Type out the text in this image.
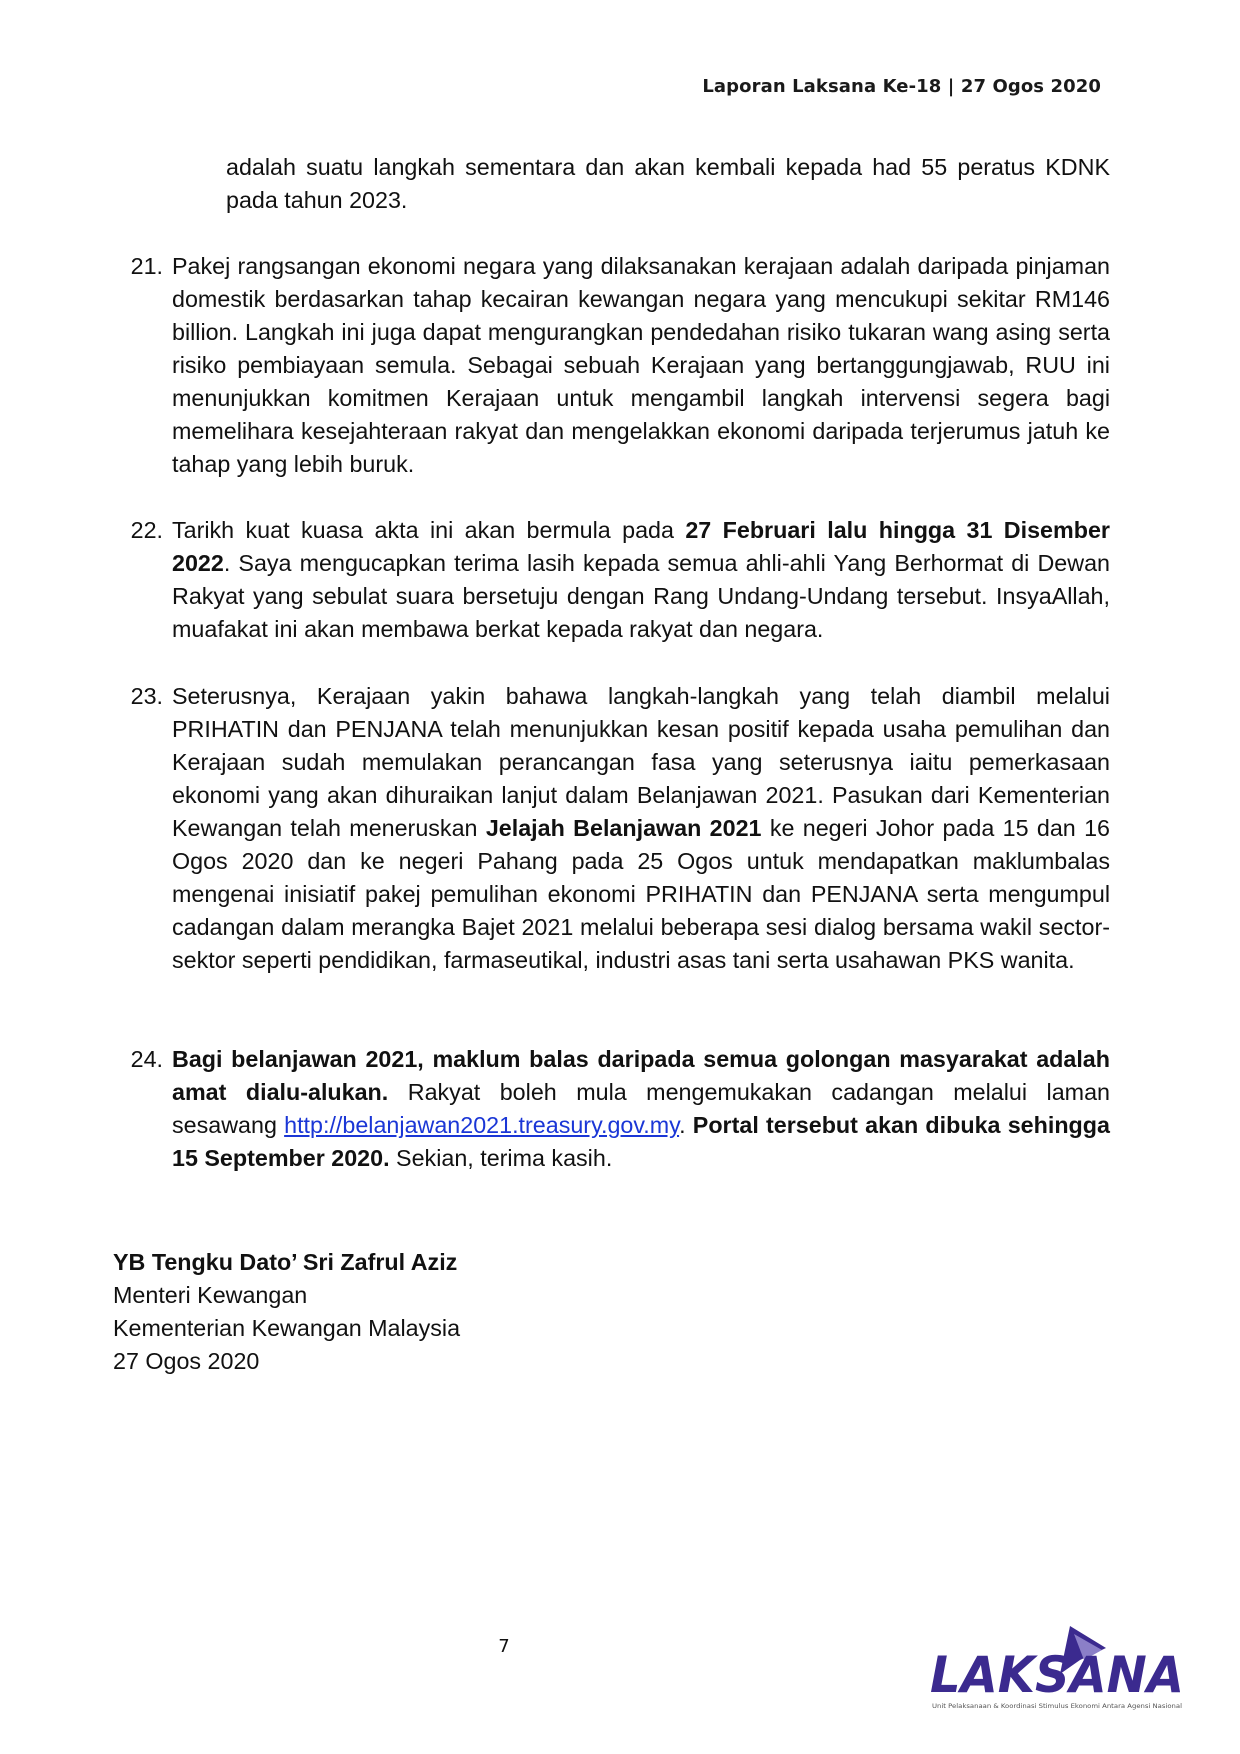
Laporan Laksana Ke-18 | 27 Ogos 2020

adalah suatu langkah sementara dan akan kembali kepada had 55 peratus KDNK pada tahun 2023.

21. Pakej rangsangan ekonomi negara yang dilaksanakan kerajaan adalah daripada pinjaman domestik berdasarkan tahap kecairan kewangan negara yang mencukupi sekitar RM146 billion. Langkah ini juga dapat mengurangkan pendedahan risiko tukaran wang asing serta risiko pembiayaan semula. Sebagai sebuah Kerajaan yang bertanggungjawab, RUU ini menunjukkan komitmen Kerajaan untuk mengambil langkah intervensi segera bagi memelihara kesejahteraan rakyat dan mengelakkan ekonomi daripada terjerumus jatuh ke tahap yang lebih buruk.
22. Tarikh kuat kuasa akta ini akan bermula pada 27 Februari lalu hingga 31 Disember 2022. Saya mengucapkan terima lasih kepada semua ahli-ahli Yang Berhormat di Dewan Rakyat yang sebulat suara bersetuju dengan Rang Undang-Undang tersebut. InsyaAllah, muafakat ini akan membawa berkat kepada rakyat dan negara.
23. Seterusnya, Kerajaan yakin bahawa langkah-langkah yang telah diambil melalui PRIHATIN dan PENJANA telah menunjukkan kesan positif kepada usaha pemulihan dan Kerajaan sudah memulakan perancangan fasa yang seterusnya iaitu pemerkasaan ekonomi yang akan dihuraikan lanjut dalam Belanjawan 2021. Pasukan dari Kementerian Kewangan telah meneruskan Jelajah Belanjawan 2021 ke negeri Johor pada 15 dan 16 Ogos 2020 dan ke negeri Pahang pada 25 Ogos untuk mendapatkan maklumbalas mengenai inisiatif pakej pemulihan ekonomi PRIHATIN dan PENJANA serta mengumpul cadangan dalam merangka Bajet 2021 melalui beberapa sesi dialog bersama wakil sector-sektor seperti pendidikan, farmaseutikal, industri asas tani serta usahawan PKS wanita.
24. Bagi belanjawan 2021, maklum balas daripada semua golongan masyarakat adalah amat dialu-alukan. Rakyat boleh mula mengemukakan cadangan melalui laman sesawang http://belanjawan2021.treasury.gov.my. Portal tersebut akan dibuka sehingga 15 September 2020. Sekian, terima kasih.
YB Tengku Dato’ Sri Zafrul Aziz
Menteri Kewangan
Kementerian Kewangan Malaysia
27 Ogos 2020
7	LAKSANA
Unit Pelaksanaan & Koordinasi Stimulus Ekonomi Antara Agensi Nasional
